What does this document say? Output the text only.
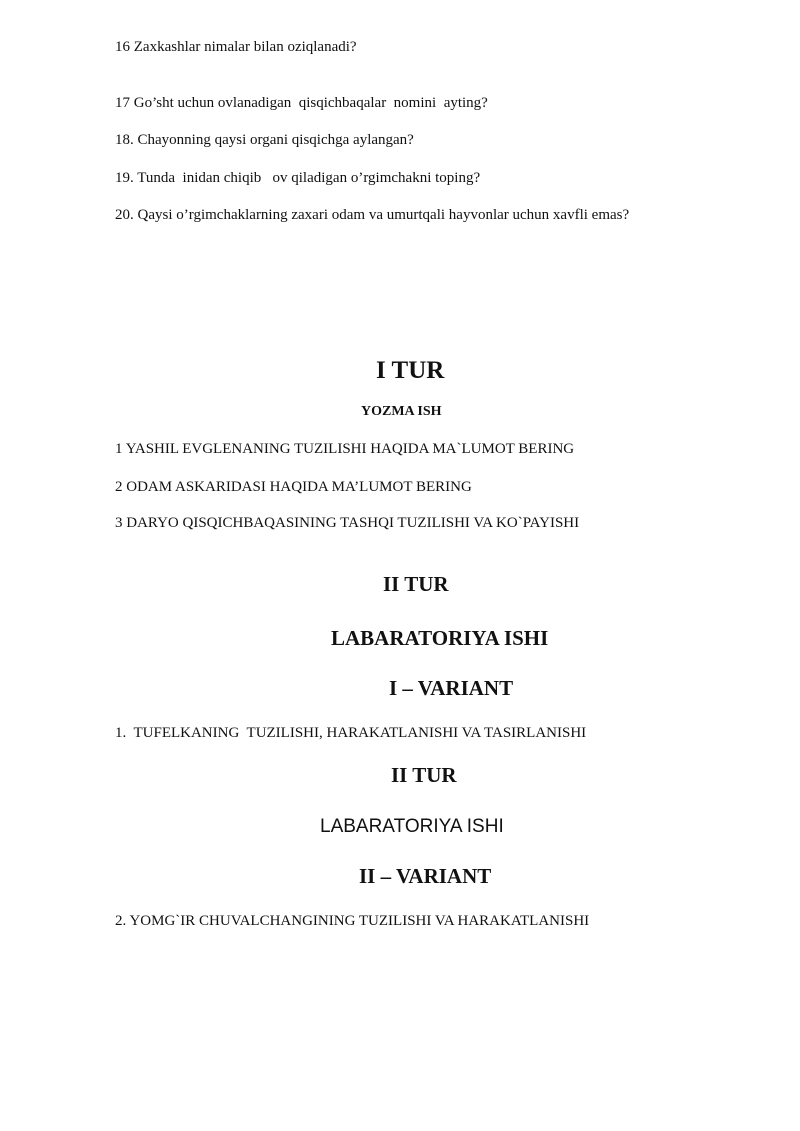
16 Zaxkashlar nimalar bilan oziqlanadi?
17 Go’sht uchun ovlanadigan  qisqichbaqalar  nomini  ayting?
18. Chayonning qaysi organi qisqichga aylangan?
19. Tunda  inidan chiqib   ov qiladigan o’rgimchakni toping?
20. Qaysi o’rgimchaklarning zaxari odam va umurtqali hayvonlar uchun xavfli emas?
I TUR
YOZMA ISH
1 YASHIL EVGLENANING TUZILISHI HAQIDA MA`LUMOT BERING
2 ODAM ASKARIDASI HAQIDA MA’LUMOT BERING
3 DARYO QISQICHBAQASINING TASHQI TUZILISHI VA KO`PAYISHI
II TUR
LABARATORIYA ISHI
I – VARIANT
1.  TUFELKANING  TUZILISHI, HARAKATLANISHI VA TASIRLANISHI
II TUR
LABARATORIYA ISHI
II – VARIANT
2. YOMG`IR CHUVALCHANGINING TUZILISHI VA HARAKATLANISHI
